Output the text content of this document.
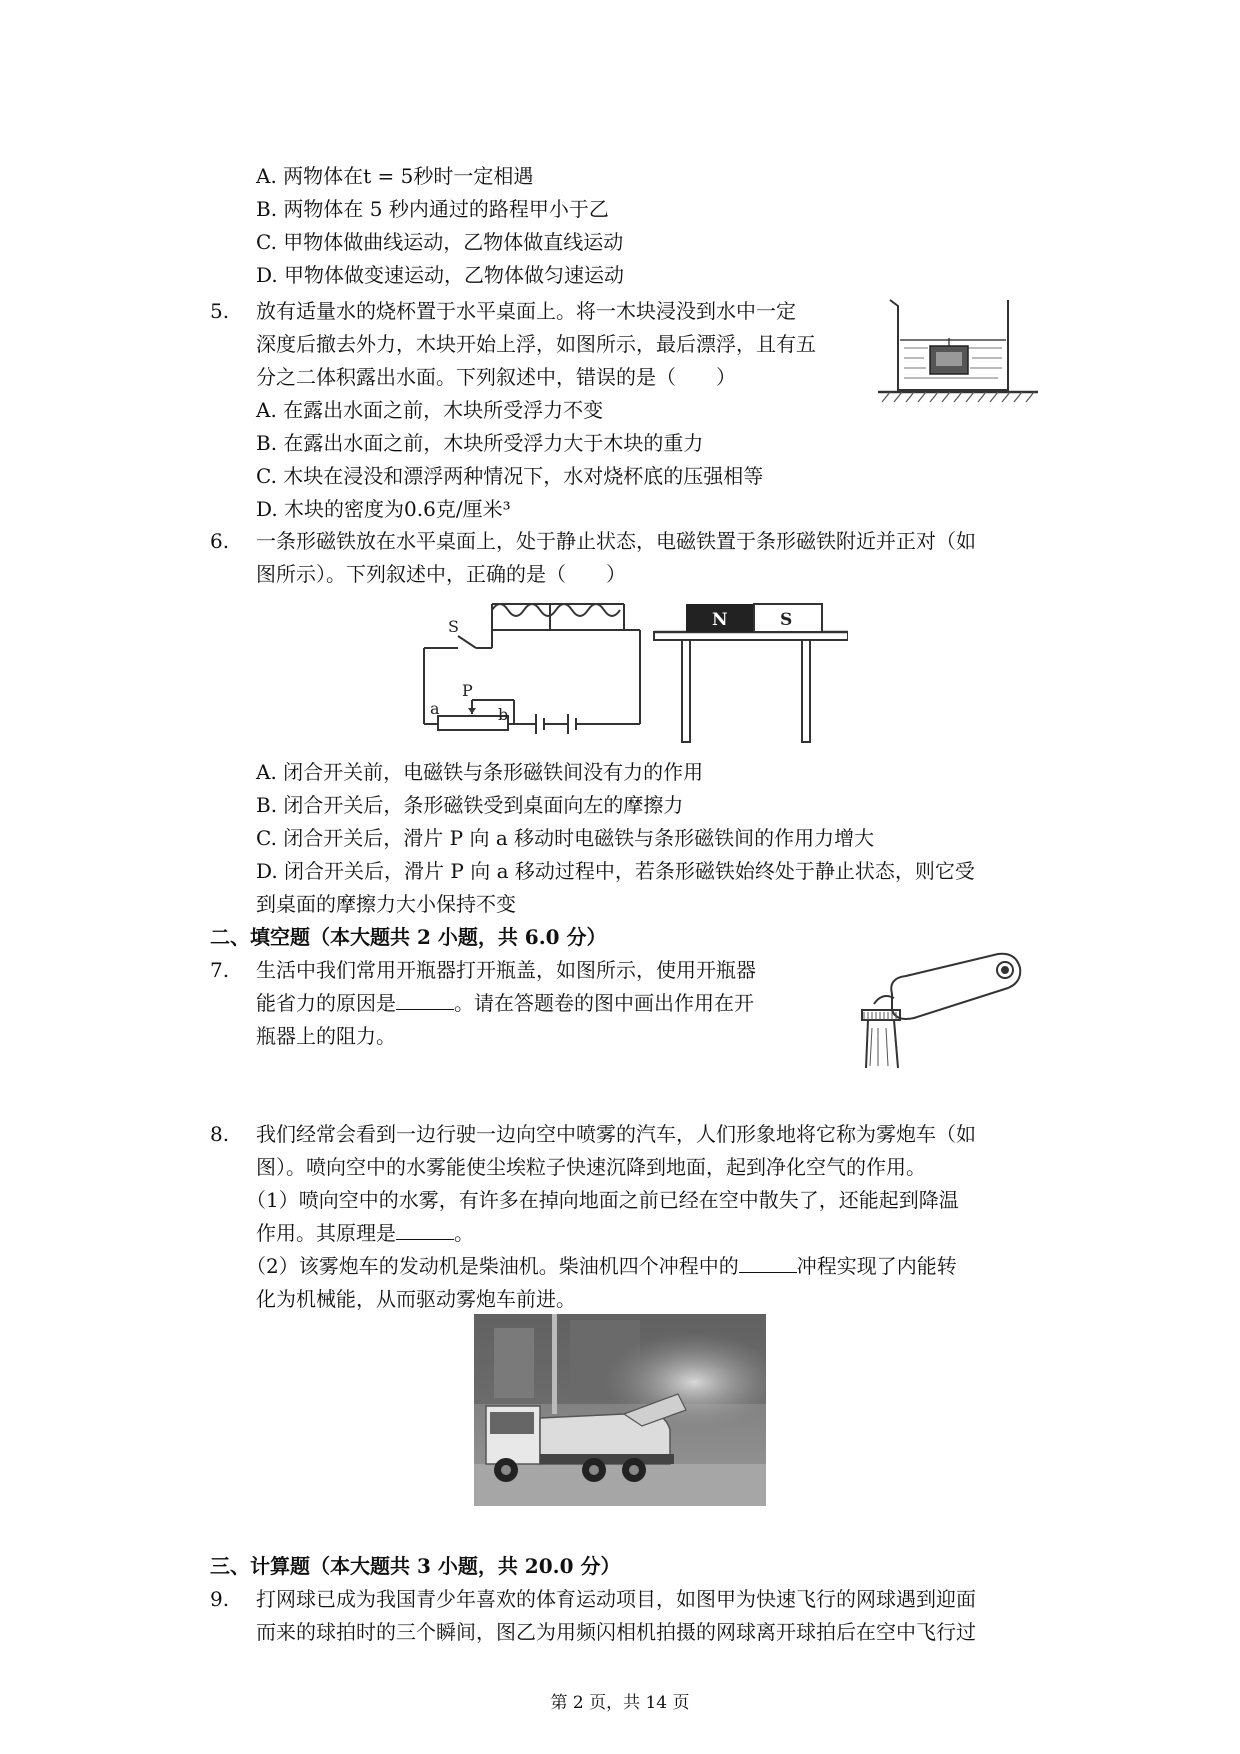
A. 两物体在t = 5秒时一定相遇
B. 两物体在 5 秒内通过的路程甲小于乙
C. 甲物体做曲线运动，乙物体做直线运动
D. 甲物体做变速运动，乙物体做匀速运动
5. 放有适量水的烧杯置于水平桌面上。将一木块浸没到水中一定
深度后撤去外力，木块开始上浮，如图所示，最后漂浮，且有五
分之二体积露出水面。下列叙述中，错误的是（　　）
A. 在露出水面之前，木块所受浮力不变
B. 在露出水面之前，木块所受浮力大于木块的重力
C. 木块在浸没和漂浮两种情况下，水对烧杯底的压强相等
D. 木块的密度为0.6克/厘米³
6. 一条形磁铁放在水平桌面上，处于静止状态，电磁铁置于条形磁铁附近并正对（如
图所示）。下列叙述中，正确的是（　　）
N	S
S
a
P
b
A. 闭合开关前，电磁铁与条形磁铁间没有力的作用
B. 闭合开关后，条形磁铁受到桌面向左的摩擦力
C. 闭合开关后，滑片 P 向 a 移动时电磁铁与条形磁铁间的作用力增大
D. 闭合开关后，滑片 P 向 a 移动过程中，若条形磁铁始终处于静止状态，则它受
到桌面的摩擦力大小保持不变
二、填空题（本大题共 2 小题，共 6.0 分）
7. 生活中我们常用开瓶器打开瓶盖，如图所示，使用开瓶器
能省力的原因是	。请在答题卷的图中画出作用在开
瓶器上的阻力。
8. 我们经常会看到一边行驶一边向空中喷雾的汽车，人们形象地将它称为雾炮车（如
图）。喷向空中的水雾能使尘埃粒子快速沉降到地面，起到净化空气的作用。
（1）喷向空中的水雾，有许多在掉向地面之前已经在空中散失了，还能起到降温
作用。其原理是	。
（2）该雾炮车的发动机是柴油机。柴油机四个冲程中的	冲程实现了内能转
化为机械能，从而驱动雾炮车前进。
三、计算题（本大题共 3 小题，共 20.0 分）
9. 打网球已成为我国青少年喜欢的体育运动项目，如图甲为快速飞行的网球遇到迎面
而来的球拍时的三个瞬间，图乙为用频闪相机拍摄的网球离开球拍后在空中飞行过
第 2 页，共 14 页
